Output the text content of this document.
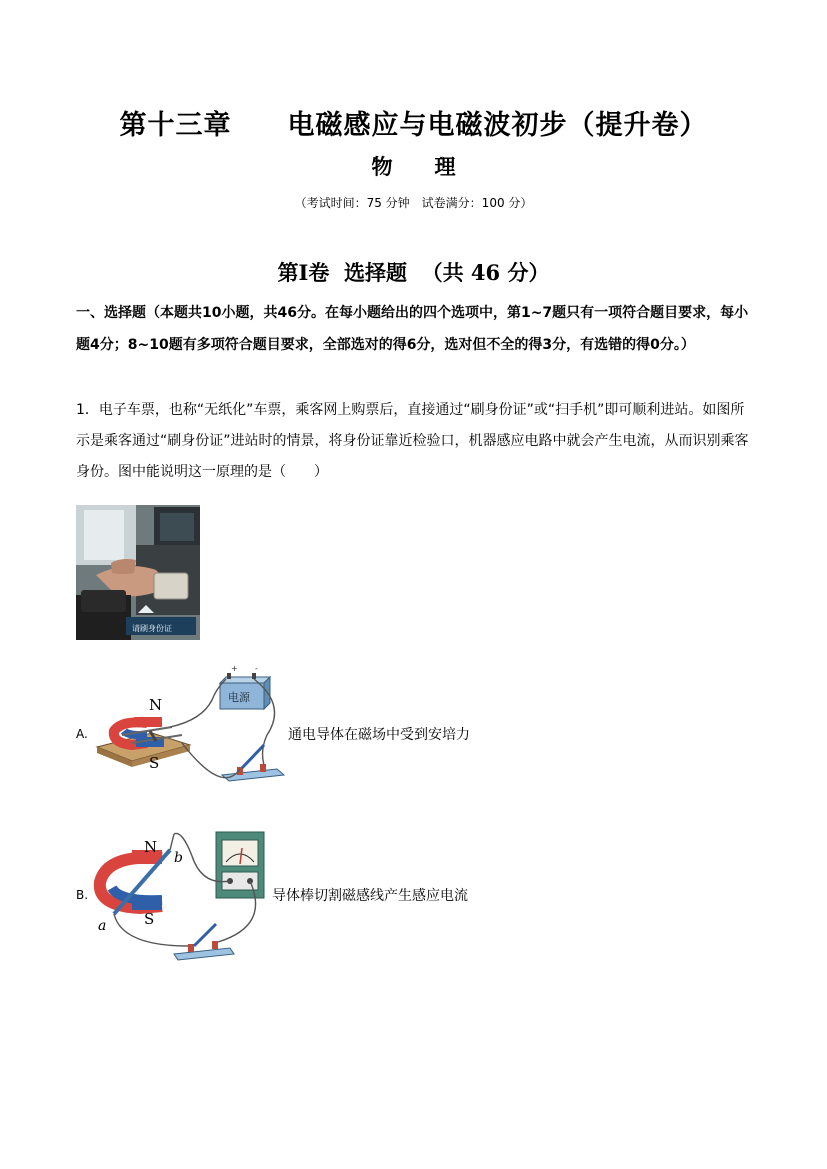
第十三章　　电磁感应与电磁波初步（提升卷）
物　　理
（考试时间：75 分钟　试卷满分：100 分）
第Ⅰ卷  选择题  （共 46 分）
一、选择题（本题共10小题，共46分。在每小题给出的四个选项中，第1~7题只有一项符合题目要求，每小题4分；8~10题有多项符合题目要求，全部选对的得6分，选对但不全的得3分，有选错的得0分。）
1．电子车票，也称“无纸化”车票，乘客网上购票后，直接通过“刷身份证”或“扫手机”即可顺利进站。如图所示是乘客通过“刷身份证”进站时的情景，将身份证靠近检验口，机器感应电路中就会产生电流，从而识别乘客身份。图中能说明这一原理的是（　　）
请刷身份证
A.
电源
+ -
N
S
通电导体在磁场中受到安培力
B.
N
S
b
a
导体棒切割磁感线产生感应电流
